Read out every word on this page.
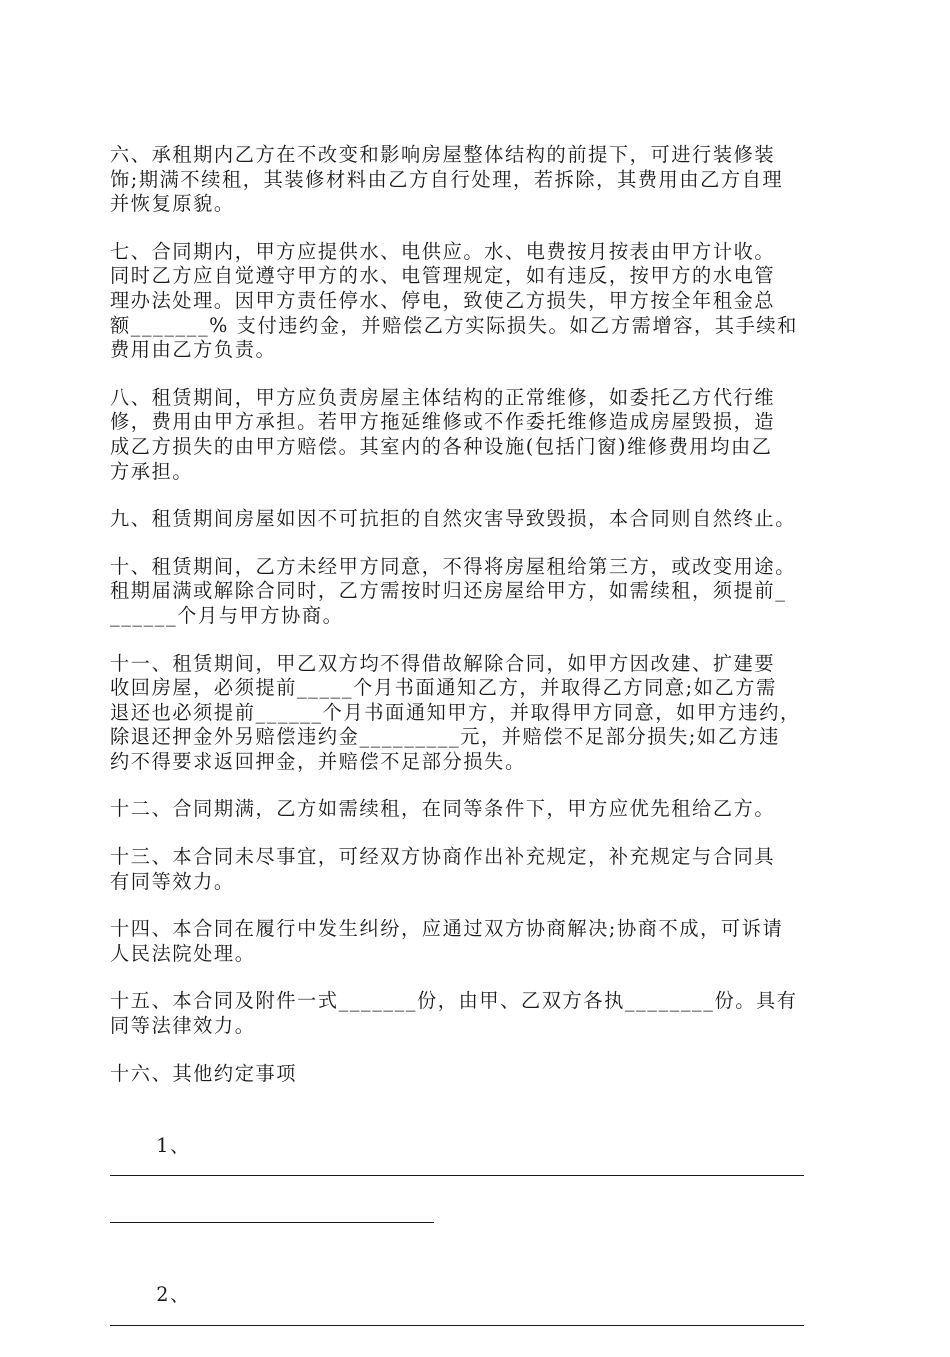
六、承租期内乙方在不改变和影响房屋整体结构的前提下，可进行装修装
饰;期满不续租，其装修材料由乙方自行处理，若拆除，其费用由乙方自理
并恢复原貌。

七、合同期内，甲方应提供水、电供应。水、电费按月按表由甲方计收。
同时乙方应自觉遵守甲方的水、电管理规定，如有违反，按甲方的水电管
理办法处理。因甲方责任停水、停电，致使乙方损失，甲方按全年租金总
额_______% 支付违约金，并赔偿乙方实际损失。如乙方需增容，其手续和
费用由乙方负责。

八、租赁期间，甲方应负责房屋主体结构的正常维修，如委托乙方代行维
修，费用由甲方承担。若甲方拖延维修或不作委托维修造成房屋毁损，造
成乙方损失的由甲方赔偿。其室内的各种设施(包括门窗)维修费用均由乙
方承担。

九、租赁期间房屋如因不可抗拒的自然灾害导致毁损，本合同则自然终止。

十、租赁期间，乙方未经甲方同意，不得将房屋租给第三方，或改变用途。
租期届满或解除合同时，乙方需按时归还房屋给甲方，如需续租，须提前_
______个月与甲方协商。

十一、租赁期间，甲乙双方均不得借故解除合同，如甲方因改建、扩建要
收回房屋，必须提前_____个月书面通知乙方，并取得乙方同意;如乙方需
退还也必须提前______个月书面通知甲方，并取得甲方同意，如甲方违约，
除退还押金外另赔偿违约金_________元，并赔偿不足部分损失;如乙方违
约不得要求返回押金，并赔偿不足部分损失。

十二、合同期满，乙方如需续租，在同等条件下，甲方应优先租给乙方。

十三、本合同未尽事宜，可经双方协商作出补充规定，补充规定与合同具
有同等效力。

十四、本合同在履行中发生纠纷，应通过双方协商解决;协商不成，可诉请
人民法院处理。

十五、本合同及附件一式_______份，由甲、乙双方各执________份。具有
同等法律效力。

十六、其他约定事项

1、

2、
